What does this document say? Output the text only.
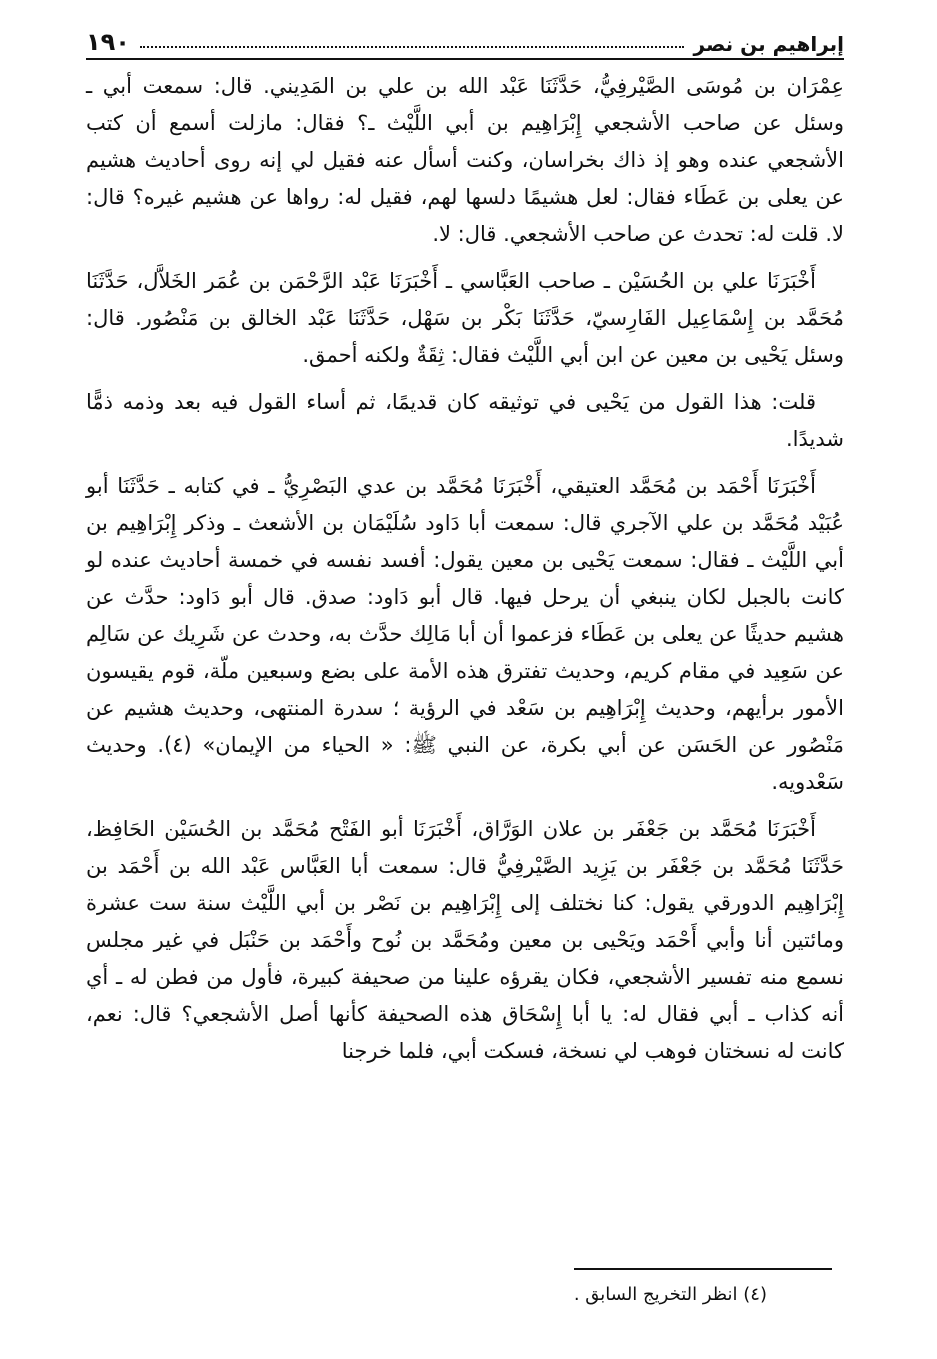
إبراهيم بن نصر
١٩٠

عِمْرَان بن مُوسَى الصَّيْرفِيُّ، حَدَّثَنَا عَبْد الله بن علي بن المَدِيني. قال: سمعت أبي ـ وسئل عن صاحب الأشجعي إِبْرَاهِيم بن أبي اللَّيْث ـ؟ فقال: مازلت أسمع أن كتب الأشجعي عنده وهو إذ ذاك بخراسان، وكنت أسأل عنه فقيل لي إنه روى أحاديث هشيم عن يعلى بن عَطَاء فقال: لعل هشيمًا دلسها لهم، فقيل له: رواها عن هشيم غيره؟ قال: لا. قلت له: تحدث عن صاحب الأشجعي. قال: لا.

أَخْبَرَنَا علي بن الحُسَيْن ـ صاحب العَبَّاسي ـ أَخْبَرَنَا عَبْد الرَّحْمَن بن عُمَر الخَلاَّل، حَدَّثَنَا مُحَمَّد بن إِسْمَاعِيل الفَارِسيّ، حَدَّثَنَا بَكْر بن سَهْل، حَدَّثَنَا عَبْد الخالق بن مَنْصُور. قال: وسئل يَحْيى بن معين عن ابن أبي اللَّيْث فقال: ثِقَةٌ ولكنه أحمق.

قلت: هذا القول من يَحْيى في توثيقه كان قديمًا، ثم أساء القول فيه بعد وذمه ذمًّا شديدًا.

أَخْبَرَنَا أَحْمَد بن مُحَمَّد العتيقي، أَخْبَرَنَا مُحَمَّد بن عدي البَصْرِيُّ ـ في كتابه ـ حَدَّثَنَا أبو عُبَيْد مُحَمَّد بن علي الآجري قال: سمعت أبا دَاود سُلَيْمَان بن الأشعث ـ وذكر إِبْرَاهِيم بن أبي اللَّيْث ـ فقال: سمعت يَحْيى بن معين يقول: أفسد نفسه في خمسة أحاديث عنده لو كانت بالجبل لكان ينبغي أن يرحل فيها. قال أبو دَاود: صدق. قال أبو دَاود: حدَّث عن هشيم حديثًا عن يعلى بن عَطَاء فزعموا أن أبا مَالِك حدَّث به، وحدث عن شَرِيك عن سَالِم عن سَعِيد في مقام كريم، وحديث تفترق هذه الأمة على بضع وسبعين ملّة، قوم يقيسون الأمور برأيهم، وحديث إِبْرَاهِيم بن سَعْد في الرؤية ؛ سدرة المنتهى، وحديث هشيم عن مَنْصُور عن الحَسَن عن أبي بكرة، عن النبي ﷺ: « الحياء من الإيمان» (٤). وحديث سَعْدويه.

أَخْبَرَنَا مُحَمَّد بن جَعْفَر بن علان الوَرَّاق، أَخْبَرَنَا أبو الفَتْح مُحَمَّد بن الحُسَيْن الحَافِظ، حَدَّثَنَا مُحَمَّد بن جَعْفَر بن يَزِيد الصَّيْرفِيُّ قال: سمعت أبا العَبَّاس عَبْد الله بن أَحْمَد بن إِبْرَاهِيم الدورقي يقول: كنا نختلف إلى إِبْرَاهِيم بن نَصْر بن أبي اللَّيْث سنة ست عشرة ومائتين أنا وأبي أَحْمَد ويَحْيى بن معين ومُحَمَّد بن نُوح وأَحْمَد بن حَنْبَل في غير مجلس نسمع منه تفسير الأشجعي، فكان يقرؤه علينا من صحيفة كبيرة، فأول من فطن له ـ أي أنه كذاب ـ أبي فقال له: يا أبا إِسْحَاق هذه الصحيفة كأنها أصل الأشجعي؟ قال: نعم، كانت له نسختان فوهب لي نسخة، فسكت أبي، فلما خرجنا

(٤) انظر التخريج السابق .
